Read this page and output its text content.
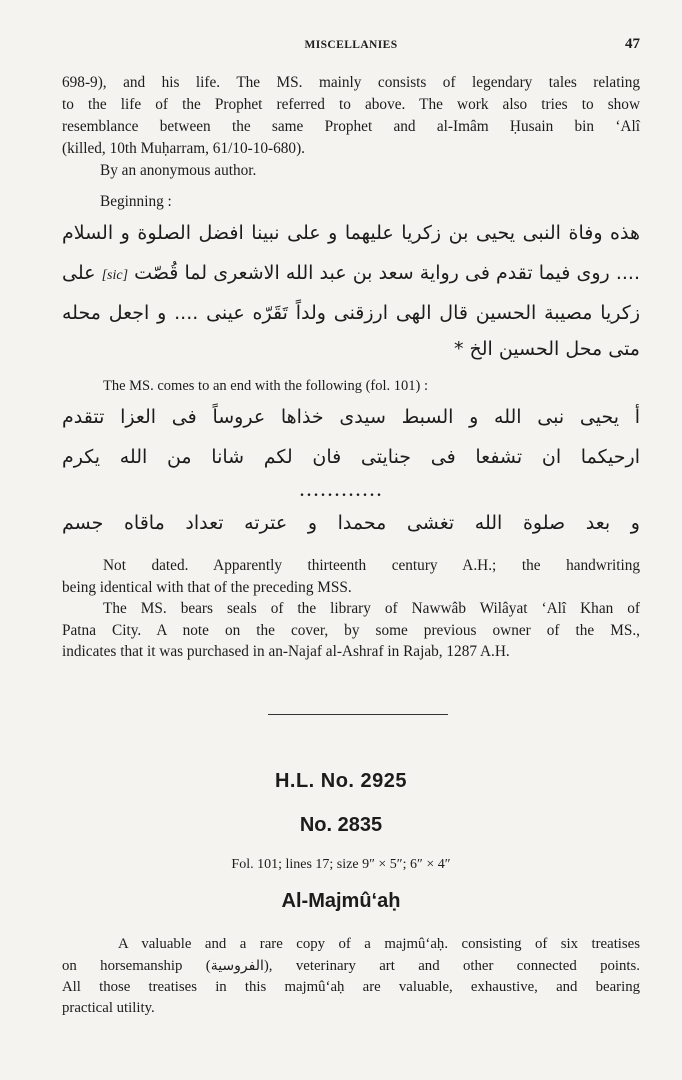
MISCELLANIES	47
698-9), and his life. The MS. mainly consists of legendary tales relating
to the life of the Prophet referred to above. The work also tries to show
resemblance between the same Prophet and al-Imâm Ḥusain bin ‘Alî
(killed, 10th Muḥarram, 61/10-10-680).
By an anonymous author.
Beginning :
هذه وفاة النبى يحيى بن زكريا عليهما و على نبينا افضل الصلوة و السلام
.... روى فيما تقدم فى رواية سعد بن عبد الله الاشعرى لما قُصّت [sic] على
زكريا مصيبة الحسين قال الهى ارزقنى ولداً تَقَرّه عينى .... و اجعل محله
متى محل الحسين الخ *
The MS. comes to an end with the following (fol. 101) :
أ يحيى نبى الله و السبط سيدى خذاها عروساً فى العزا تتقدم
ارحيكما ان تشفعا فى جنايتى فان لكم شانا من الله يكرم
............
و بعد صلوة الله تغشى محمدا و عترته تعداد ماقاه جسم
Not dated. Apparently thirteenth century A.H.; the handwriting
being identical with that of the preceding MSS.
The MS. bears seals of the library of Nawwâb Wilâyat ‘Alî Khan of
Patna City. A note on the cover, by some previous owner of the MS.,
indicates that it was purchased in an-Najaf al-Ashraf in Rajab, 1287 A.H.
H.L. No. 2925
No. 2835
Fol. 101; lines 17; size 9″ × 5″; 6″ × 4″
Al-Majmû‘aḥ
A valuable and a rare copy of a majmû‘aḥ. consisting of six treatises
on horsemanship (الفروسية), veterinary art and other connected points.
All those treatises in this majmû‘aḥ are valuable, exhaustive, and bearing
practical utility.
